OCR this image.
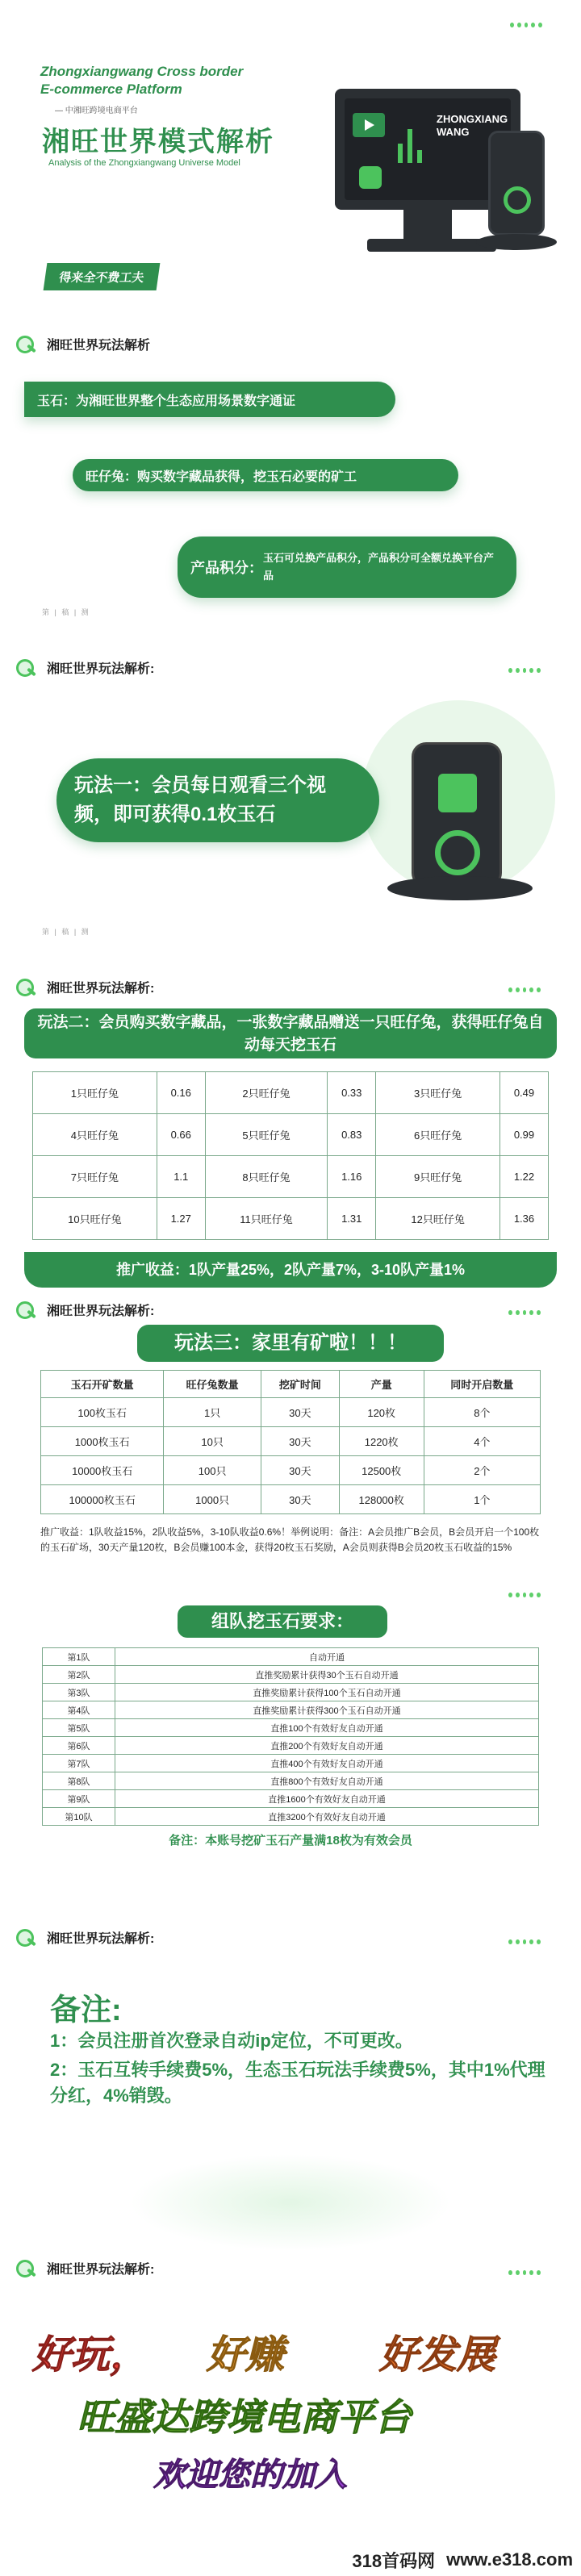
Zhongxiangwang Cross border
E-commerce Platform
— 中湘旺跨境电商平台
湘旺世界模式解析
Analysis of the Zhongxiangwang Universe Model
得来全不费工夫
ZHONGXIANG
WANG
湘旺世界玩法解析
玉石：为湘旺世界整个生态应用场景数字通证
旺仔兔：购买数字藏品获得，挖玉石必要的矿工
产品积分：
玉石可兑换产品积分，产品积分可全额兑换平台产品
第 | 稿 | 测
湘旺世界玩法解析:
玩法一：会员每日观看三个视频，即可获得0.1枚玉石
第 | 稿 | 测
湘旺世界玩法解析:
玩法二：会员购买数字藏品，一张数字藏品赠送一只旺仔兔，获得旺仔兔自动每天挖玉石
1只旺仔兔	0.16	2只旺仔兔	0.33	3只旺仔兔	0.49
4只旺仔兔	0.66	5只旺仔兔	0.83	6只旺仔兔	0.99
7只旺仔兔	1.1	8只旺仔兔	1.16	9只旺仔兔	1.22
10只旺仔兔	1.27	11只旺仔兔	1.31	12只旺仔兔	1.36
推广收益：1队产量25%，2队产量7%，3-10队产量1%
湘旺世界玩法解析:
玩法三：家里有矿啦！！！
玉石开矿数量	旺仔兔数量	挖矿时间	产量	同时开启数量
100枚玉石	1只	30天	120枚	8个
1000枚玉石	10只	30天	1220枚	4个
10000枚玉石	100只	30天	12500枚	2个
100000枚玉石	1000只	30天	128000枚	1个
推广收益：1队收益15%，2队收益5%，3-10队收益0.6%！举例说明：备注：A会员推广B会员，B会员开启一个100枚的玉石矿场，30天产量120枚，B会员赚100本金，获得20枚玉石奖励，A会员则获得B会员20枚玉石收益的15%
组队挖玉石要求：
第1队	自动开通
第2队	直推奖励累计获得30个玉石自动开通
第3队	直推奖励累计获得100个玉石自动开通
第4队	直推奖励累计获得300个玉石自动开通
第5队	直推100个有效好友自动开通
第6队	直推200个有效好友自动开通
第7队	直推400个有效好友自动开通
第8队	直推800个有效好友自动开通
第9队	直推1600个有效好友自动开通
第10队	直推3200个有效好友自动开通
备注：本账号挖矿玉石产量满18枚为有效会员
湘旺世界玩法解析:
备注:
1：会员注册首次登录自动ip定位，不可更改。
2：玉石互转手续费5%，生态玉石玩法手续费5%，其中1%代理分红，4%销毁。
湘旺世界玩法解析:
好玩， 好赚 好发展
旺盛达跨境电商平台
欢迎您的加入
318首码网 www.e318.com
